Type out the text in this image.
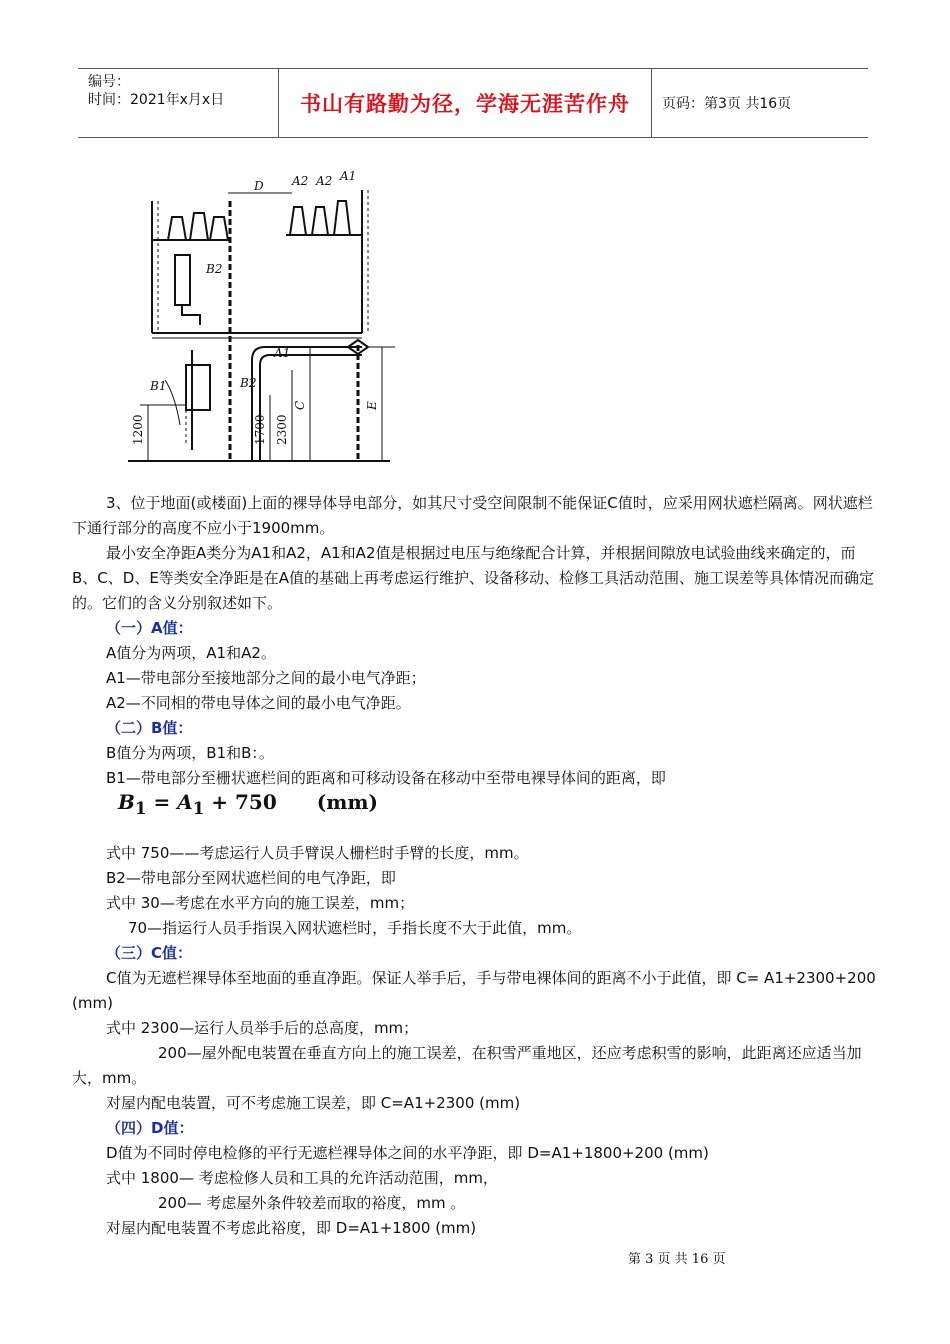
编号：
时间：2021年x月x日	书山有路勤为径，学海无涯苦作舟 页码：第3页 共16页
D A2 A2 A1
B2
A1
B1	B2
1200	1700 2300
C	E

3、位于地面(或楼面)上面的裸导体导电部分，如其尺寸受空间限制不能保证C值时，应采用网状遮栏隔离。网状遮栏下通行部分的高度不应小于1900mm。

最小安全净距A类分为A1和A2，A1和A2值是根据过电压与绝缘配合计算，并根据间隙放电试验曲线来确定的，而B、C、D、E等类安全净距是在A值的基础上再考虑运行维护、设备移动、检修工具活动范围、施工误差等具体情况而确定的。它们的含义分别叙述如下。

（一）A值：

A值分为两项，A1和A2。

A1—带电部分至接地部分之间的最小电气净距；

A2—不同相的带电导体之间的最小电气净距。

（二）B值：

B值分为两项，B1和B：。

B1—带电部分至栅状遮栏间的距离和可移动设备在移动中至带电裸导体间的距离，即

$B_1 = A_1 + 750$ (mm)

式中 750——考虑运行人员手臂误人栅栏时手臂的长度，mm。

B2—带电部分至网状遮栏间的电气净距，即

式中 30—考虑在水平方向的施工误差，mm；

70—指运行人员手指误入网状遮栏时，手指长度不大于此值，mm。

（三）C值：

C值为无遮栏裸导体至地面的垂直净距。保证人举手后，手与带电裸体间的距离不小于此值，即 C= A1+2300+200 (mm)

式中 2300—运行人员举手后的总高度，mm；

200—屋外配电装置在垂直方向上的施工误差，在积雪严重地区，还应考虑积雪的影响，此距离还应适当加大，mm。

对屋内配电装置，可不考虑施工误差，即 C=A1+2300 (mm)

（四）D值：

D值为不同时停电检修的平行无遮栏裸导体之间的水平净距，即 D=A1+1800+200 (mm)

式中 1800— 考虑检修人员和工具的允许活动范围，mm，

200— 考虑屋外条件较差而取的裕度，mm 。

对屋内配电装置不考虑此裕度，即 D=A1+1800 (mm)

第 3 页 共 16 页
